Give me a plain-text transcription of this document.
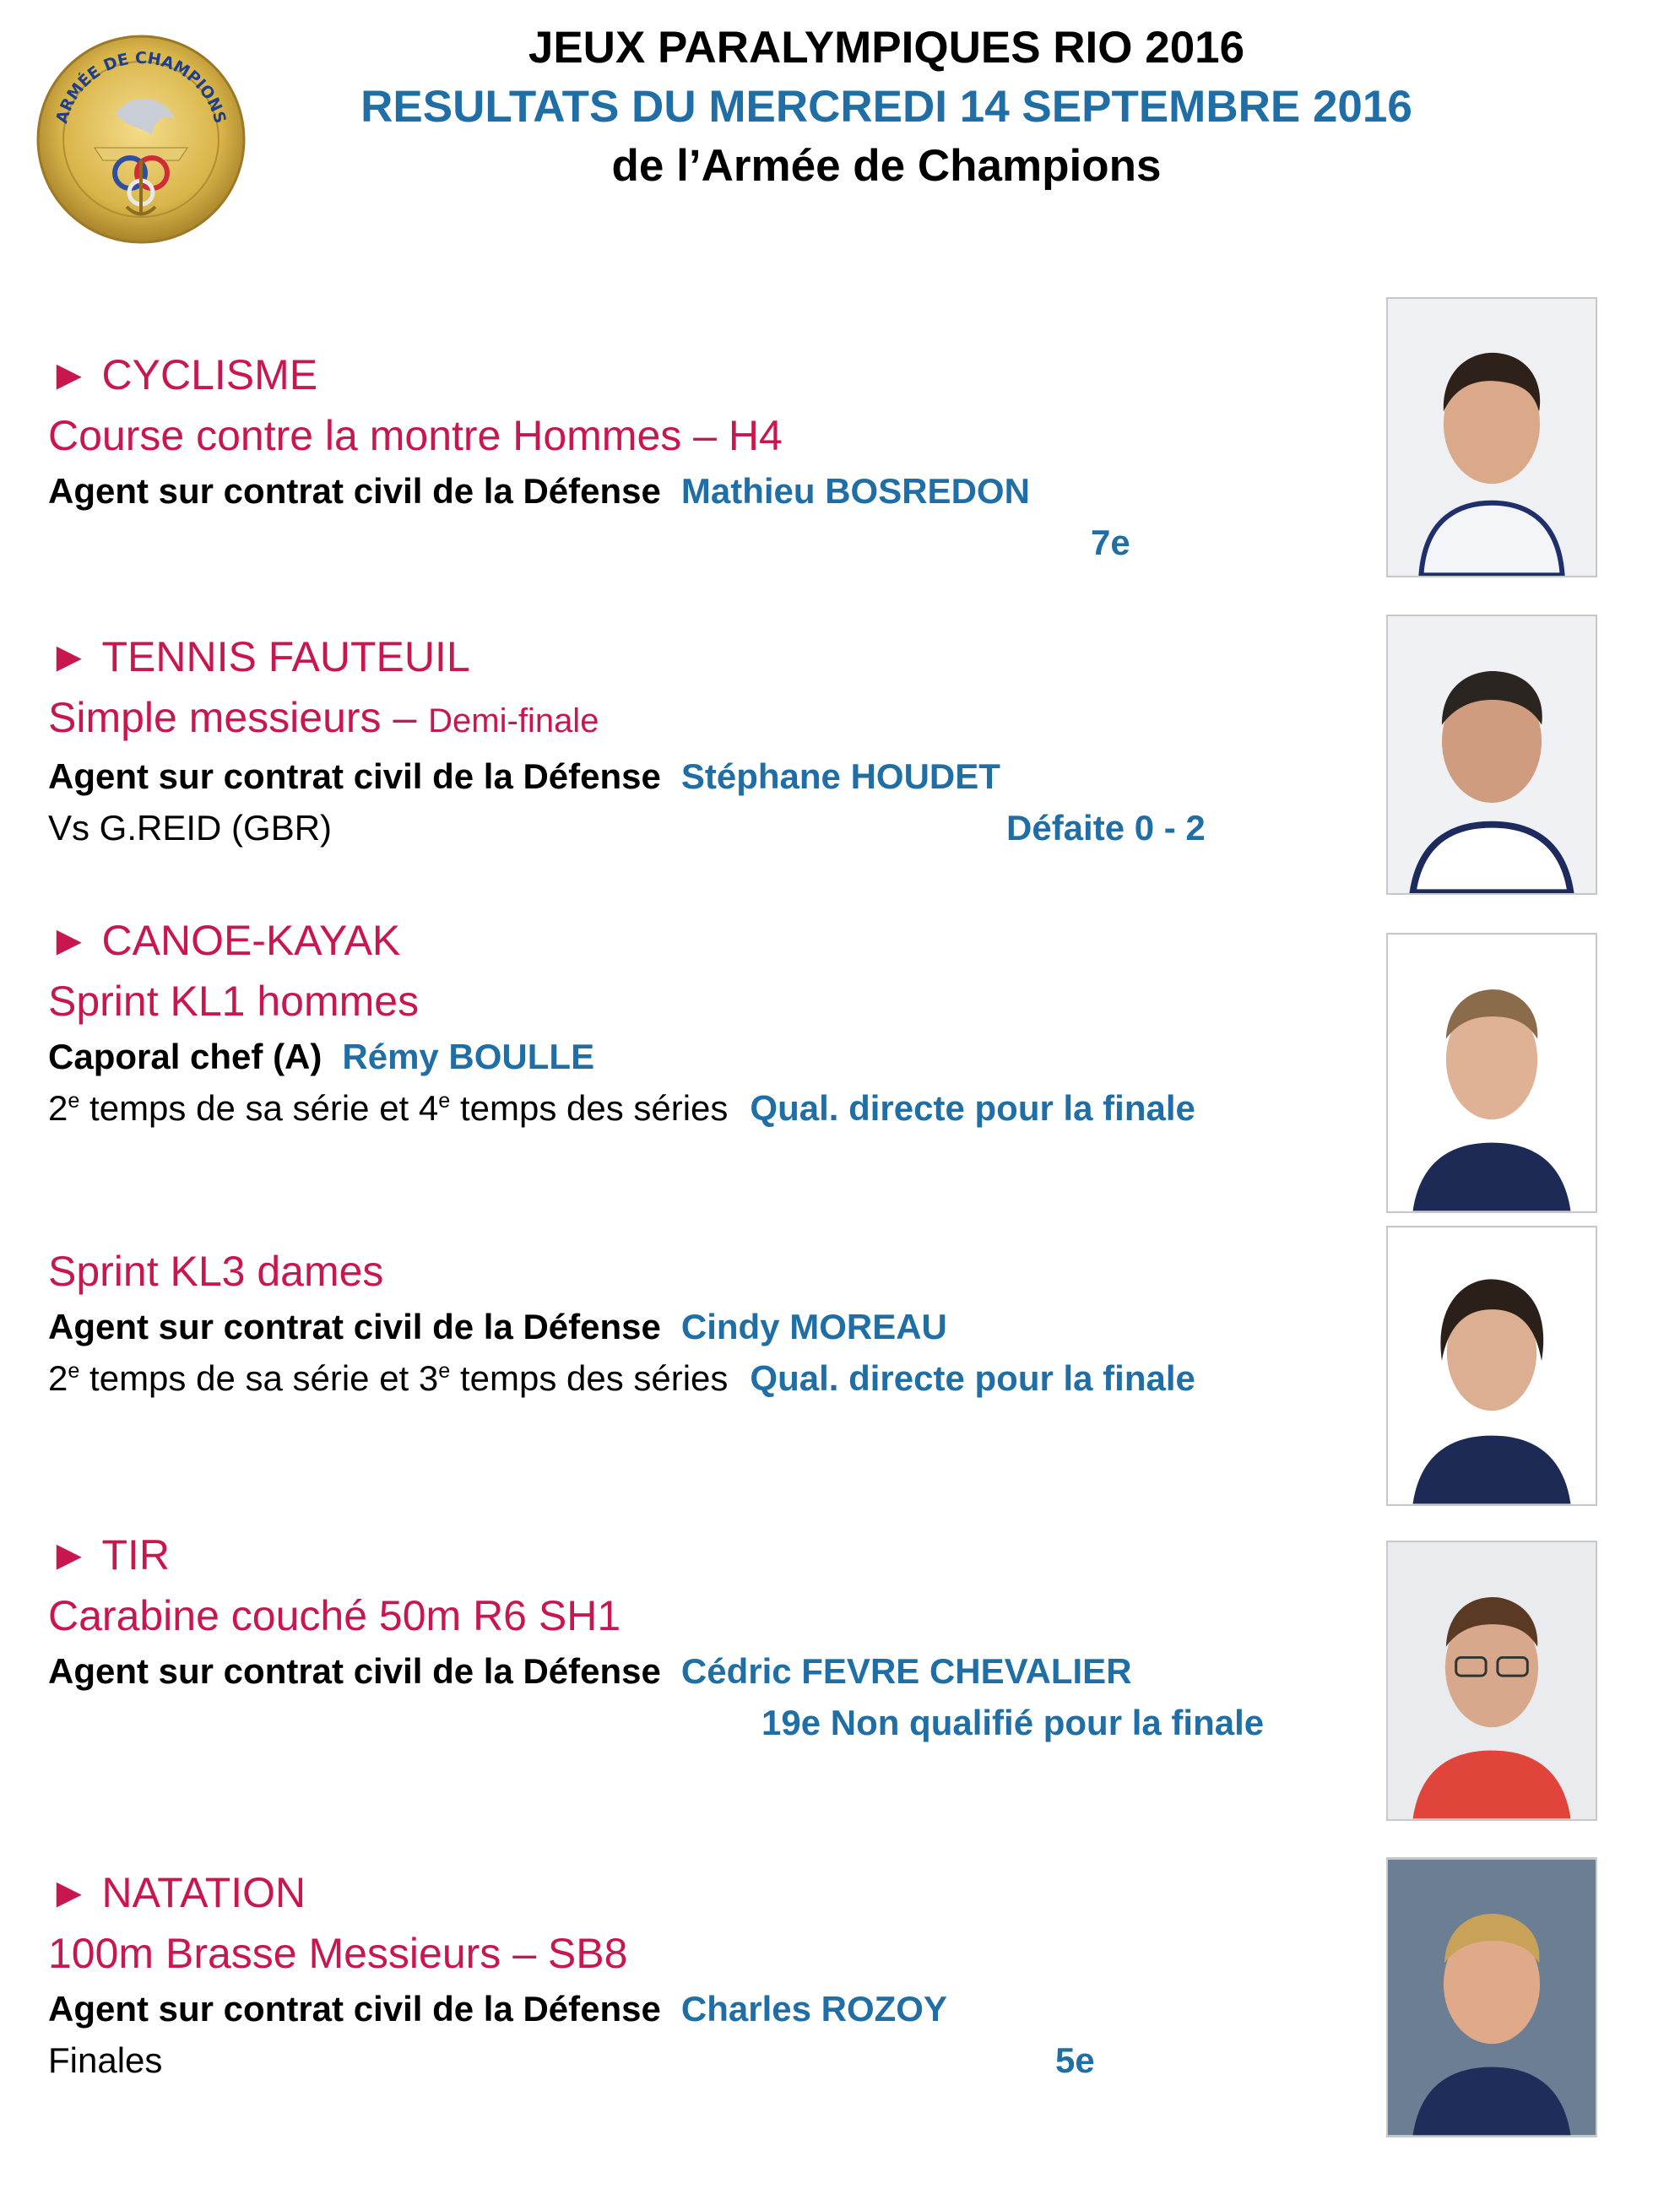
ARMÉE DE CHAMPIONS
JEUX PARALYMPIQUES RIO 2016
RESULTATS DU MERCREDI 14 SEPTEMBRE 2016
de l’Armée de Champions
► CYCLISME
Course contre la montre Hommes – H4
Agent sur contrat civil de la Défense Mathieu BOSREDON
7e
► TENNIS FAUTEUIL
Simple messieurs – Demi-finale
Agent sur contrat civil de la Défense Stéphane HOUDET
Vs G.REID (GBR)	Défaite 0 - 2
► CANOE-KAYAK
Sprint KL1 hommes
Caporal chef (A) Rémy BOULLE
2e temps de sa série et 4e temps des séries Qual. directe pour la finale
Sprint KL3 dames
Agent sur contrat civil de la Défense Cindy MOREAU
2e temps de sa série et 3e temps des séries Qual. directe pour la finale
► TIR
Carabine couché 50m R6 SH1
Agent sur contrat civil de la Défense Cédric FEVRE CHEVALIER
19e Non qualifié pour la finale
► NATATION
100m Brasse Messieurs – SB8
Agent sur contrat civil de la Défense Charles ROZOY
Finales	5e
